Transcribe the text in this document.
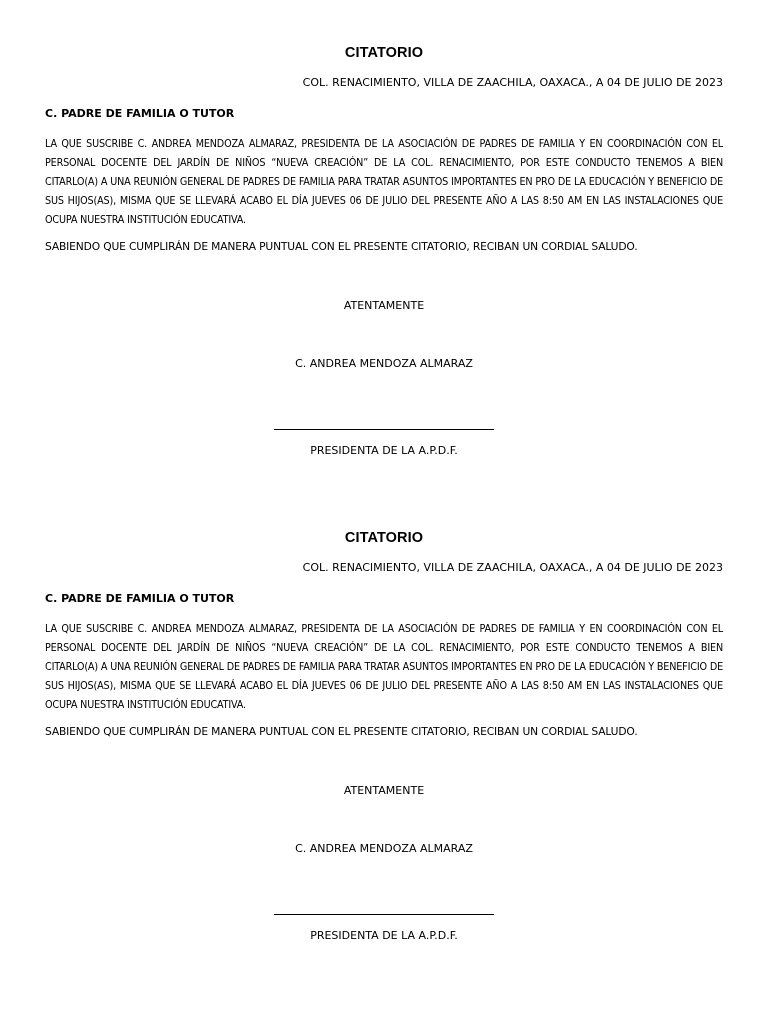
CITATORIO
COL. RENACIMIENTO, VILLA DE ZAACHILA, OAXACA., A 04 DE JULIO DE 2023
C. PADRE DE FAMILIA O TUTOR

LA QUE SUSCRIBE C. ANDREA MENDOZA ALMARAZ, PRESIDENTA DE LA ASOCIACIÓN DE PADRES DE FAMILIA Y EN COORDINACIÓN CON EL PERSONAL DOCENTE DEL JARDÍN DE NIÑOS “NUEVA CREACIÓN” DE LA COL. RENACIMIENTO, POR ESTE CONDUCTO TENEMOS A BIEN CITARLO(A) A UNA REUNIÓN GENERAL DE PADRES DE FAMILIA PARA TRATAR ASUNTOS IMPORTANTES EN PRO DE LA EDUCACIÓN Y BENEFICIO DE SUS HIJOS(AS), MISMA QUE SE LLEVARÁ ACABO EL DÍA JUEVES 06 DE JULIO DEL PRESENTE AÑO A LAS 8:50 AM EN LAS INSTALACIONES QUE OCUPA NUESTRA INSTITUCIÓN EDUCATIVA.

SABIENDO QUE CUMPLIRÁN DE MANERA PUNTUAL CON EL PRESENTE CITATORIO, RECIBAN UN CORDIAL SALUDO.
ATENTAMENTE
C. ANDREA MENDOZA ALMARAZ
PRESIDENTA DE LA A.P.D.F.
CITATORIO
COL. RENACIMIENTO, VILLA DE ZAACHILA, OAXACA., A 04 DE JULIO DE 2023
C. PADRE DE FAMILIA O TUTOR

LA QUE SUSCRIBE C. ANDREA MENDOZA ALMARAZ, PRESIDENTA DE LA ASOCIACIÓN DE PADRES DE FAMILIA Y EN COORDINACIÓN CON EL PERSONAL DOCENTE DEL JARDÍN DE NIÑOS “NUEVA CREACIÓN” DE LA COL. RENACIMIENTO, POR ESTE CONDUCTO TENEMOS A BIEN CITARLO(A) A UNA REUNIÓN GENERAL DE PADRES DE FAMILIA PARA TRATAR ASUNTOS IMPORTANTES EN PRO DE LA EDUCACIÓN Y BENEFICIO DE SUS HIJOS(AS), MISMA QUE SE LLEVARÁ ACABO EL DÍA JUEVES 06 DE JULIO DEL PRESENTE AÑO A LAS 8:50 AM EN LAS INSTALACIONES QUE OCUPA NUESTRA INSTITUCIÓN EDUCATIVA.

SABIENDO QUE CUMPLIRÁN DE MANERA PUNTUAL CON EL PRESENTE CITATORIO, RECIBAN UN CORDIAL SALUDO.
ATENTAMENTE
C. ANDREA MENDOZA ALMARAZ
PRESIDENTA DE LA A.P.D.F.
